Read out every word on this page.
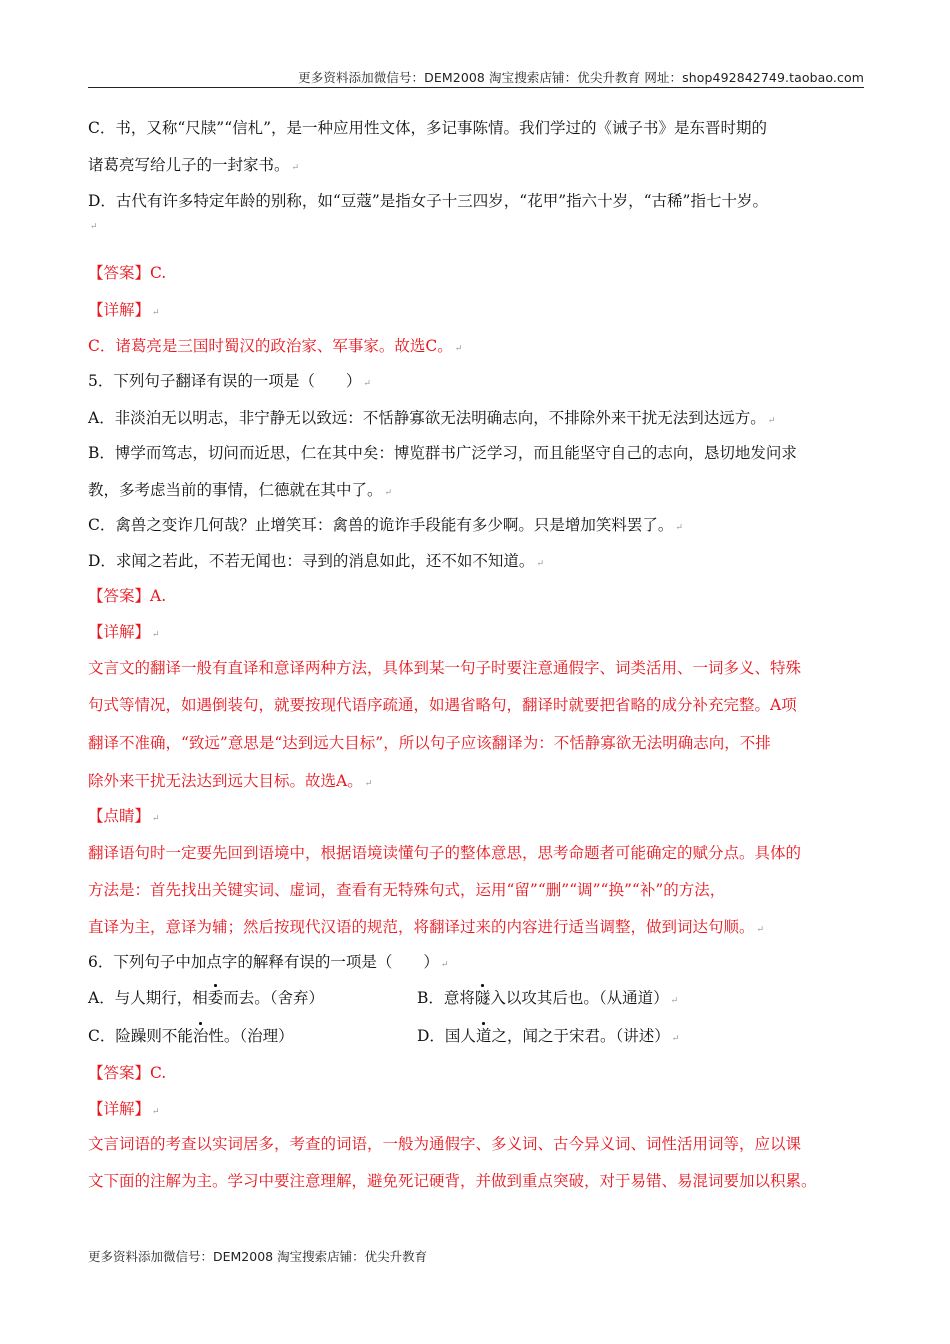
更多资料添加微信号：DEM2008 淘宝搜索店铺：优尖升教育 网址：shop492842749.taobao.com
C．书，又称“尺牍”“信札”，是一种应用性文体，多记事陈情。我们学过的《诫子书》是东晋时期的
诸葛亮写给儿子的一封家书。 ↵
D．古代有许多特定年龄的别称，如“豆蔻”是指女子十三四岁，“花甲”指六十岁，“古稀”指七十岁。
↵
【答案】C.
【详解】 ↵
C．诸葛亮是三国时蜀汉的政治家、军事家。故选C。 ↵
5．下列句子翻译有误的一项是（　　） ↵
A．非淡泊无以明志，非宁静无以致远：不恬静寡欲无法明确志向，不排除外来干扰无法到达远方。 ↵
B．博学而笃志，切问而近思，仁在其中矣：博览群书广泛学习，而且能坚守自己的志向，恳切地发问求
教，多考虑当前的事情，仁德就在其中了。 ↵
C．禽兽之变诈几何哉？止增笑耳：禽兽的诡诈手段能有多少啊。只是增加笑料罢了。 ↵
D．求闻之若此，不若无闻也：寻到的消息如此，还不如不知道。 ↵
【答案】A.
【详解】 ↵
文言文的翻译一般有直译和意译两种方法，具体到某一句子时要注意通假字、词类活用、一词多义、特殊
句式等情况，如遇倒装句，就要按现代语序疏通，如遇省略句，翻译时就要把省略的成分补充完整。A项
翻译不准确，“致远”意思是“达到远大目标”，所以句子应该翻译为：不恬静寡欲无法明确志向，不排
除外来干扰无法达到远大目标。故选A。 ↵
【点睛】 ↵
翻译语句时一定要先回到语境中，根据语境读懂句子的整体意思，思考命题者可能确定的赋分点。具体的
方法是：首先找出关键实词、虚词，查看有无特殊句式，运用“留”“删”“调”“换”“补”的方法，
直译为主，意译为辅；然后按现代汉语的规范，将翻译过来的内容进行适当调整，做到词达句顺。 ↵
6．下列句子中加点字的解释有误的一项是（　　） ↵
A．与人期行，相委而去。（舍弃）	B．意将隧入以攻其后也。（从通道） ↵
C．险躁则不能治性。（治理）	D．国人道之，闻之于宋君。（讲述） ↵
【答案】C.
【详解】 ↵
文言词语的考查以实词居多，考查的词语，一般为通假字、多义词、古今异义词、词性活用词等，应以课
文下面的注解为主。学习中要注意理解，避免死记硬背，并做到重点突破，对于易错、易混词要加以积累。
更多资料添加微信号：DEM2008 淘宝搜索店铺：优尖升教育
